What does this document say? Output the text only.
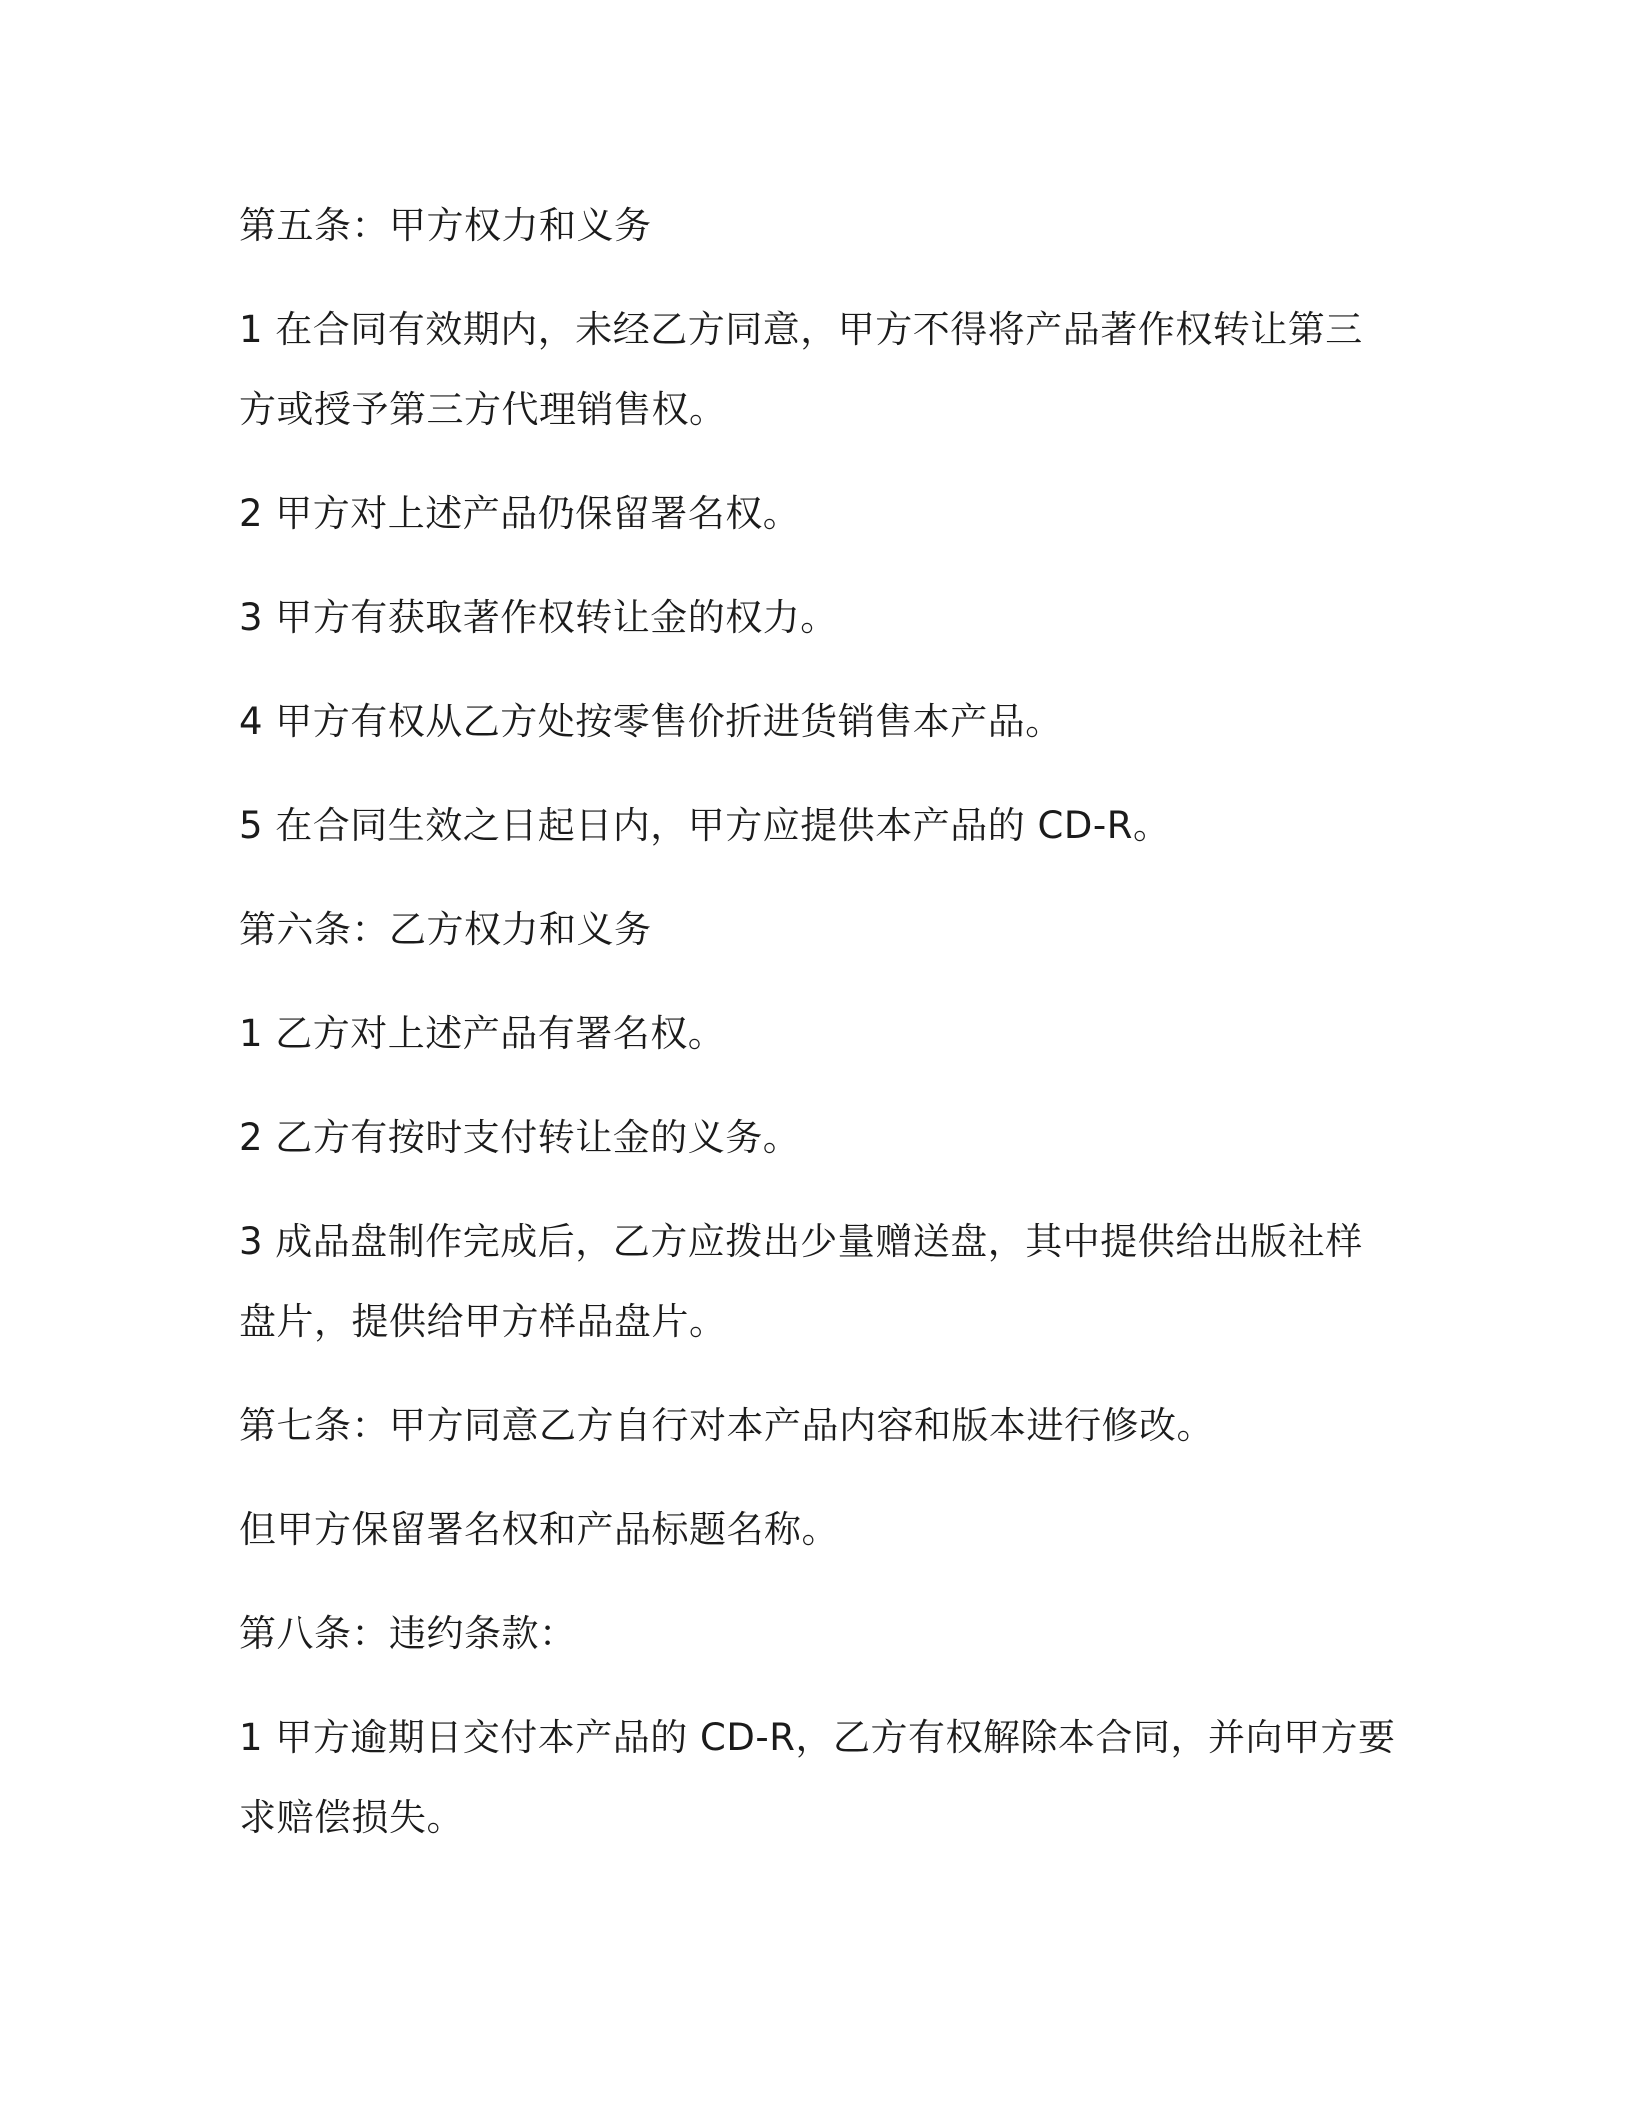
第五条：甲方权力和义务

1 在合同有效期内，未经乙方同意，甲方不得将产品著作权转让第三方或授予第三方代理销售权。

2 甲方对上述产品仍保留署名权。

3 甲方有获取著作权转让金的权力。

4 甲方有权从乙方处按零售价折进货销售本产品。

5 在合同生效之日起日内，甲方应提供本产品的 CD-R。

第六条：乙方权力和义务

1 乙方对上述产品有署名权。

2 乙方有按时支付转让金的义务。

3 成品盘制作完成后，乙方应拨出少量赠送盘，其中提供给出版社样盘片，提供给甲方样品盘片。

第七条：甲方同意乙方自行对本产品内容和版本进行修改。

但甲方保留署名权和产品标题名称。

第八条：违约条款：

1 甲方逾期日交付本产品的 CD-R，乙方有权解除本合同，并向甲方要求赔偿损失。
